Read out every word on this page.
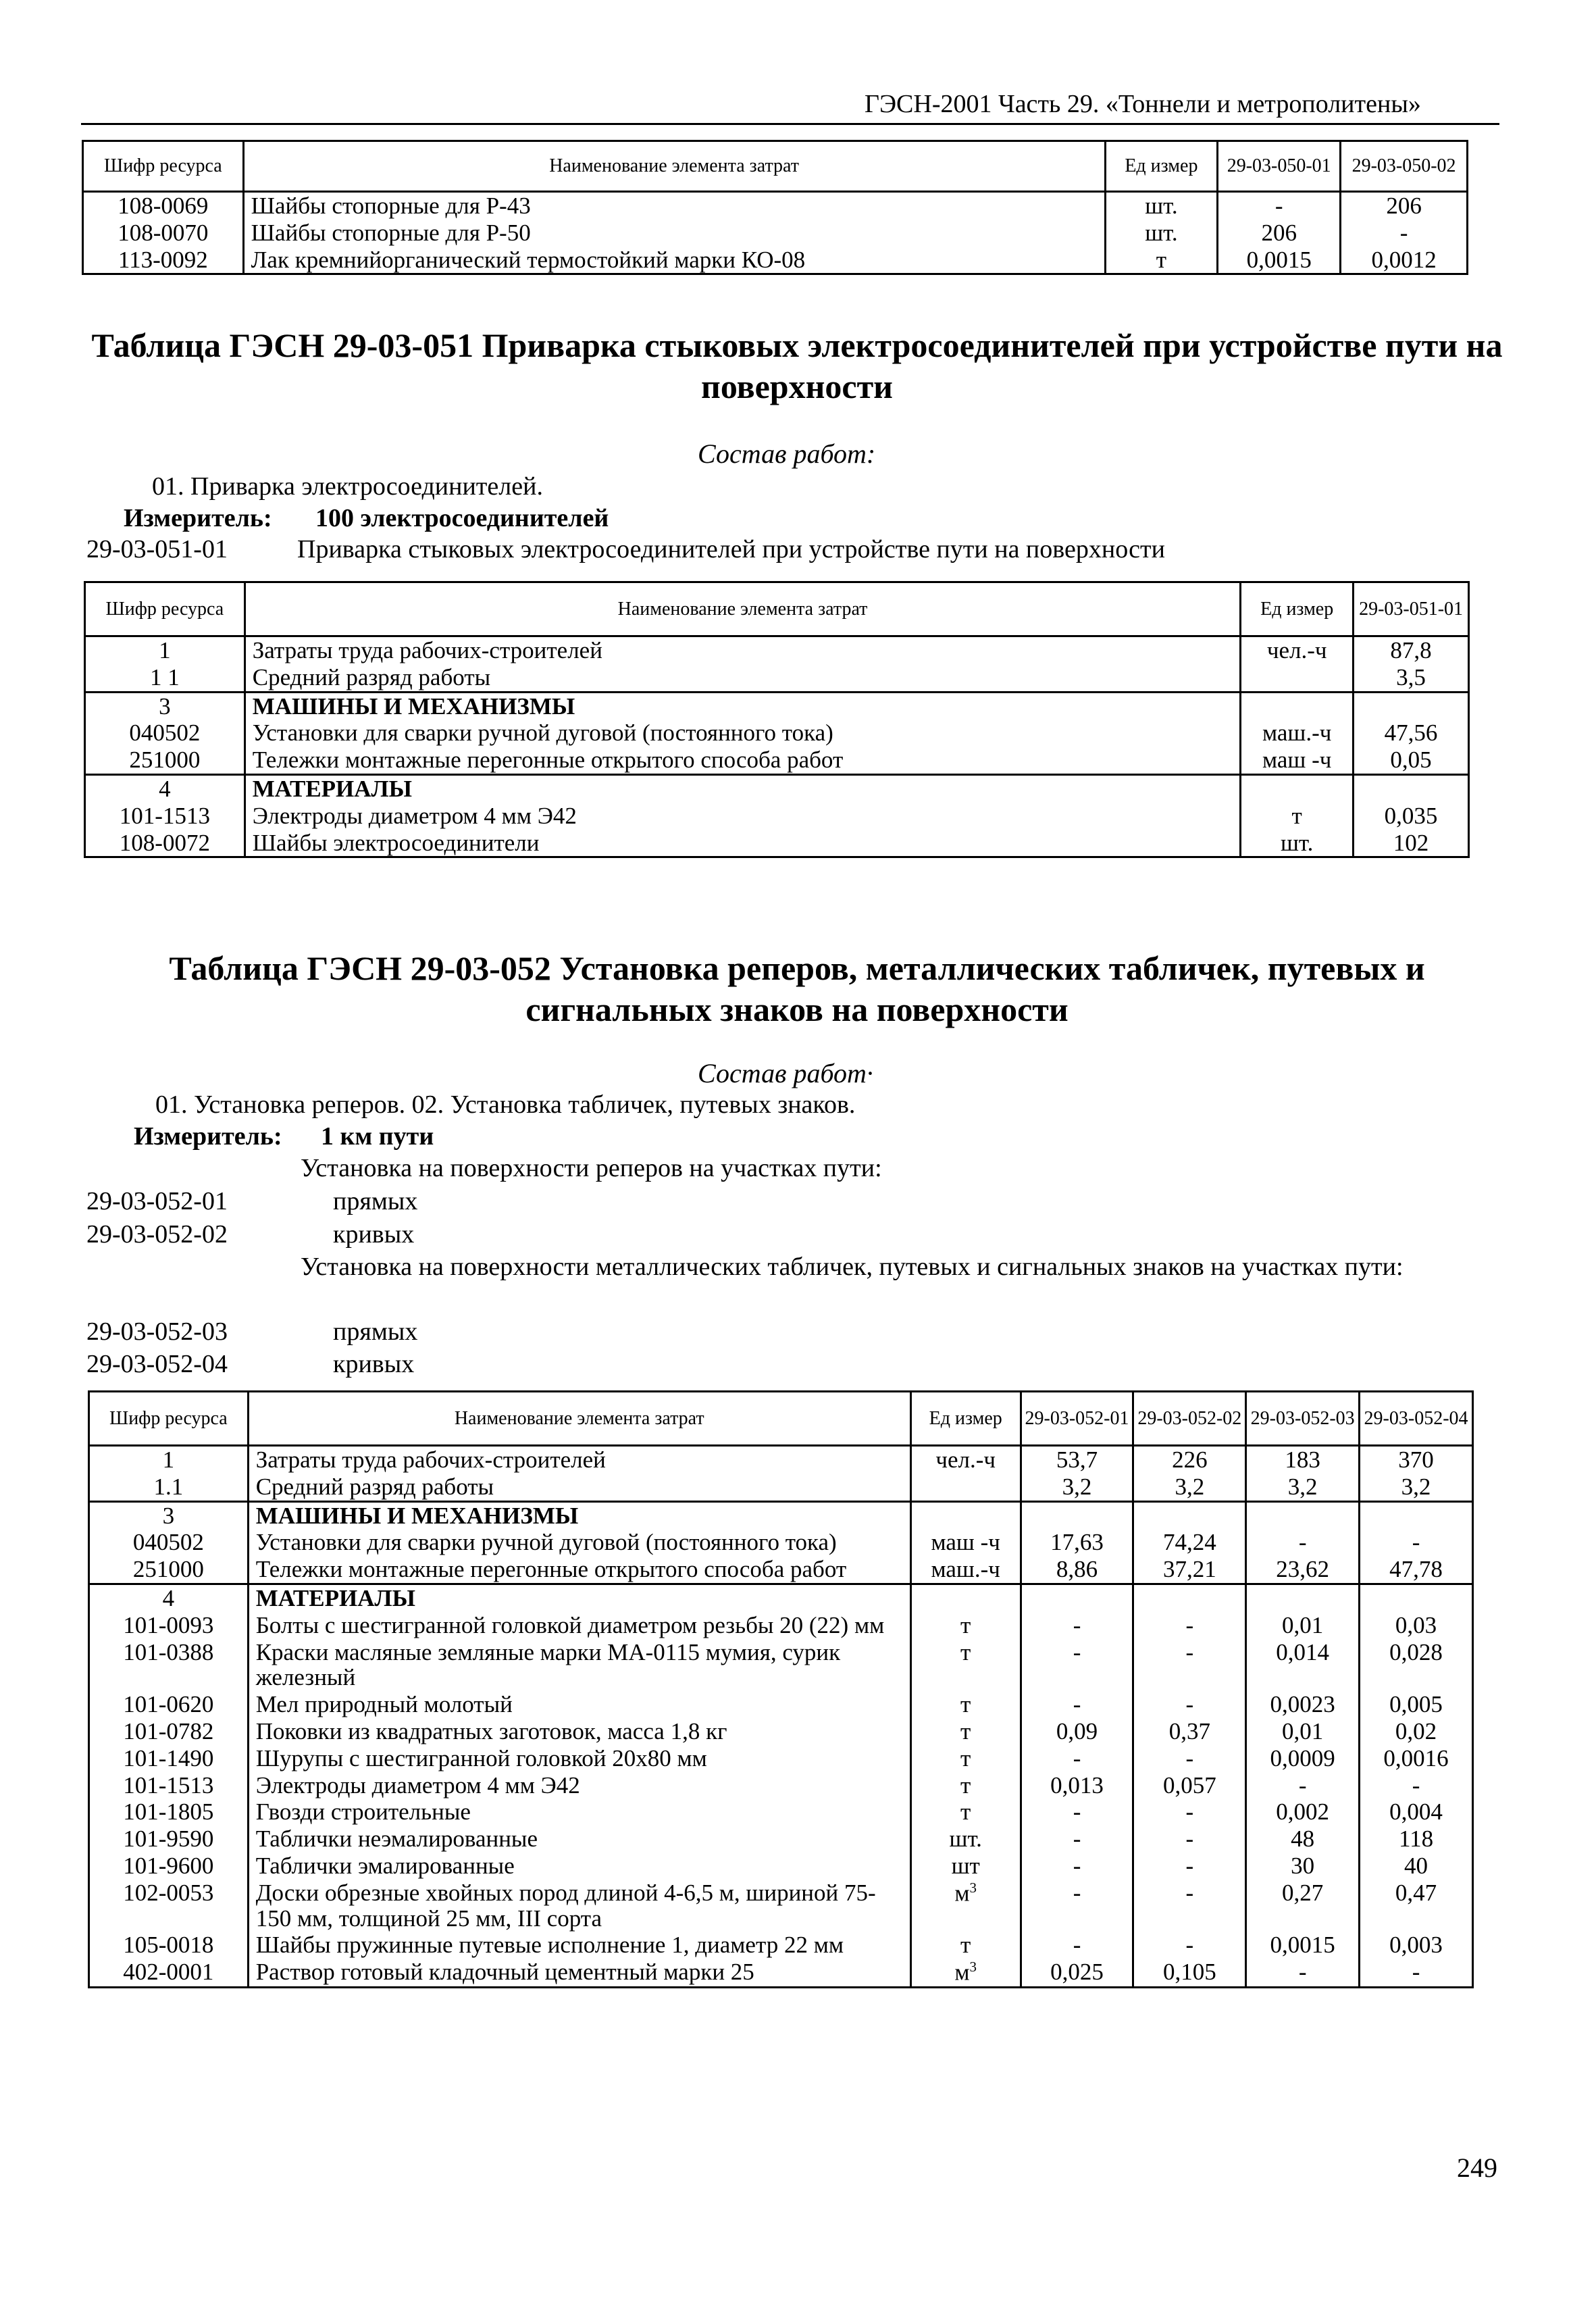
ГЭСН-2001 Часть 29. «Тоннели и метрополитены»
Шифр ресурса	Наименование элемента затрат	Ед измер	29-03-050-01	29-03-050-02
108-0069	Шайбы стопорные для Р-43	шт.	-	206
108-0070	Шайбы стопорные для Р-50	шт.	206	-
113-0092	Лак кремнийорганический термостойкий марки КО-08	т	0,0015	0,0012
Таблица ГЭСН 29-03-051 Приварка стыковых электросоединителей при устройстве пути на поверхности
Состав работ:
01. Приварка электросоединителей.
Измеритель: 100 электросоединителей
29-03-051-01	Приварка стыковых электросоединителей при устройстве пути на поверхности
Шифр ресурса	Наименование элемента затрат	Ед измер	29-03-051-01
1	Затраты труда рабочих-строителей	чел.-ч	87,8
1 1	Средний разряд работы		3,5
3	МАШИНЫ И МЕХАНИЗМЫ		
040502	Установки для сварки ручной дуговой (постоянного тока)	маш.-ч	47,56
251000	Тележки монтажные перегонные открытого способа работ	маш -ч	0,05
4	МАТЕРИАЛЫ		
101-1513	Электроды диаметром 4 мм Э42	т	0,035
108-0072	Шайбы электросоединители	шт.	102
Таблица ГЭСН 29-03-052 Установка реперов, металлических табличек, путевых и сигнальных знаков на поверхности
Состав работ·
01. Установка реперов. 02. Установка табличек, путевых знаков.
Измеритель: 1 км пути
Установка на поверхности реперов на участках пути:
29-03-052-01	прямых
29-03-052-02	кривых
Установка на поверхности металлических табличек, путевых и сигнальных знаков на участках пути:
29-03-052-03	прямых
29-03-052-04	кривых
Шифр ресурса	Наименование элемента затрат	Ед измер	29-03-052-01	29-03-052-02	29-03-052-03	29-03-052-04
1	Затраты труда рабочих-строителей	чел.-ч	53,7	226	183	370
1.1	Средний разряд работы		3,2	3,2	3,2	3,2
3	МАШИНЫ И МЕХАНИЗМЫ					
040502	Установки для сварки ручной дуговой (постоянного тока)	маш -ч	17,63	74,24	-	-
251000	Тележки монтажные перегонные открытого способа работ	маш.-ч	8,86	37,21	23,62	47,78
4	МАТЕРИАЛЫ					
101-0093	Болты с шестигранной головкой диаметром резьбы 20 (22) мм	т	-	-	0,01	0,03
101-0388	Краски масляные земляные марки МА-0115 мумия, сурик железный	т	-	-	0,014	0,028
101-0620	Мел природный молотый	т	-	-	0,0023	0,005
101-0782	Поковки из квадратных заготовок, масса 1,8 кг	т	0,09	0,37	0,01	0,02
101-1490	Шурупы с шестигранной головкой 20х80 мм	т	-	-	0,0009	0,0016
101-1513	Электроды диаметром 4 мм Э42	т	0,013	0,057	-	-
101-1805	Гвозди строительные	т	-	-	0,002	0,004
101-9590	Таблички неэмалированные	шт.	-	-	48	118
101-9600	Таблички эмалированные	шт	-	-	30	40
102-0053	Доски обрезные хвойных пород длиной 4-6,5 м, шириной 75-150 мм, толщиной 25 мм, III сорта	$м^3$	-	-	0,27	0,47
105-0018	Шайбы пружинные путевые исполнение 1, диаметр 22 мм	т	-	-	0,0015	0,003
402-0001	Раствор готовый кладочный цементный марки 25	$м^3$	0,025	0,105	-	-
249
